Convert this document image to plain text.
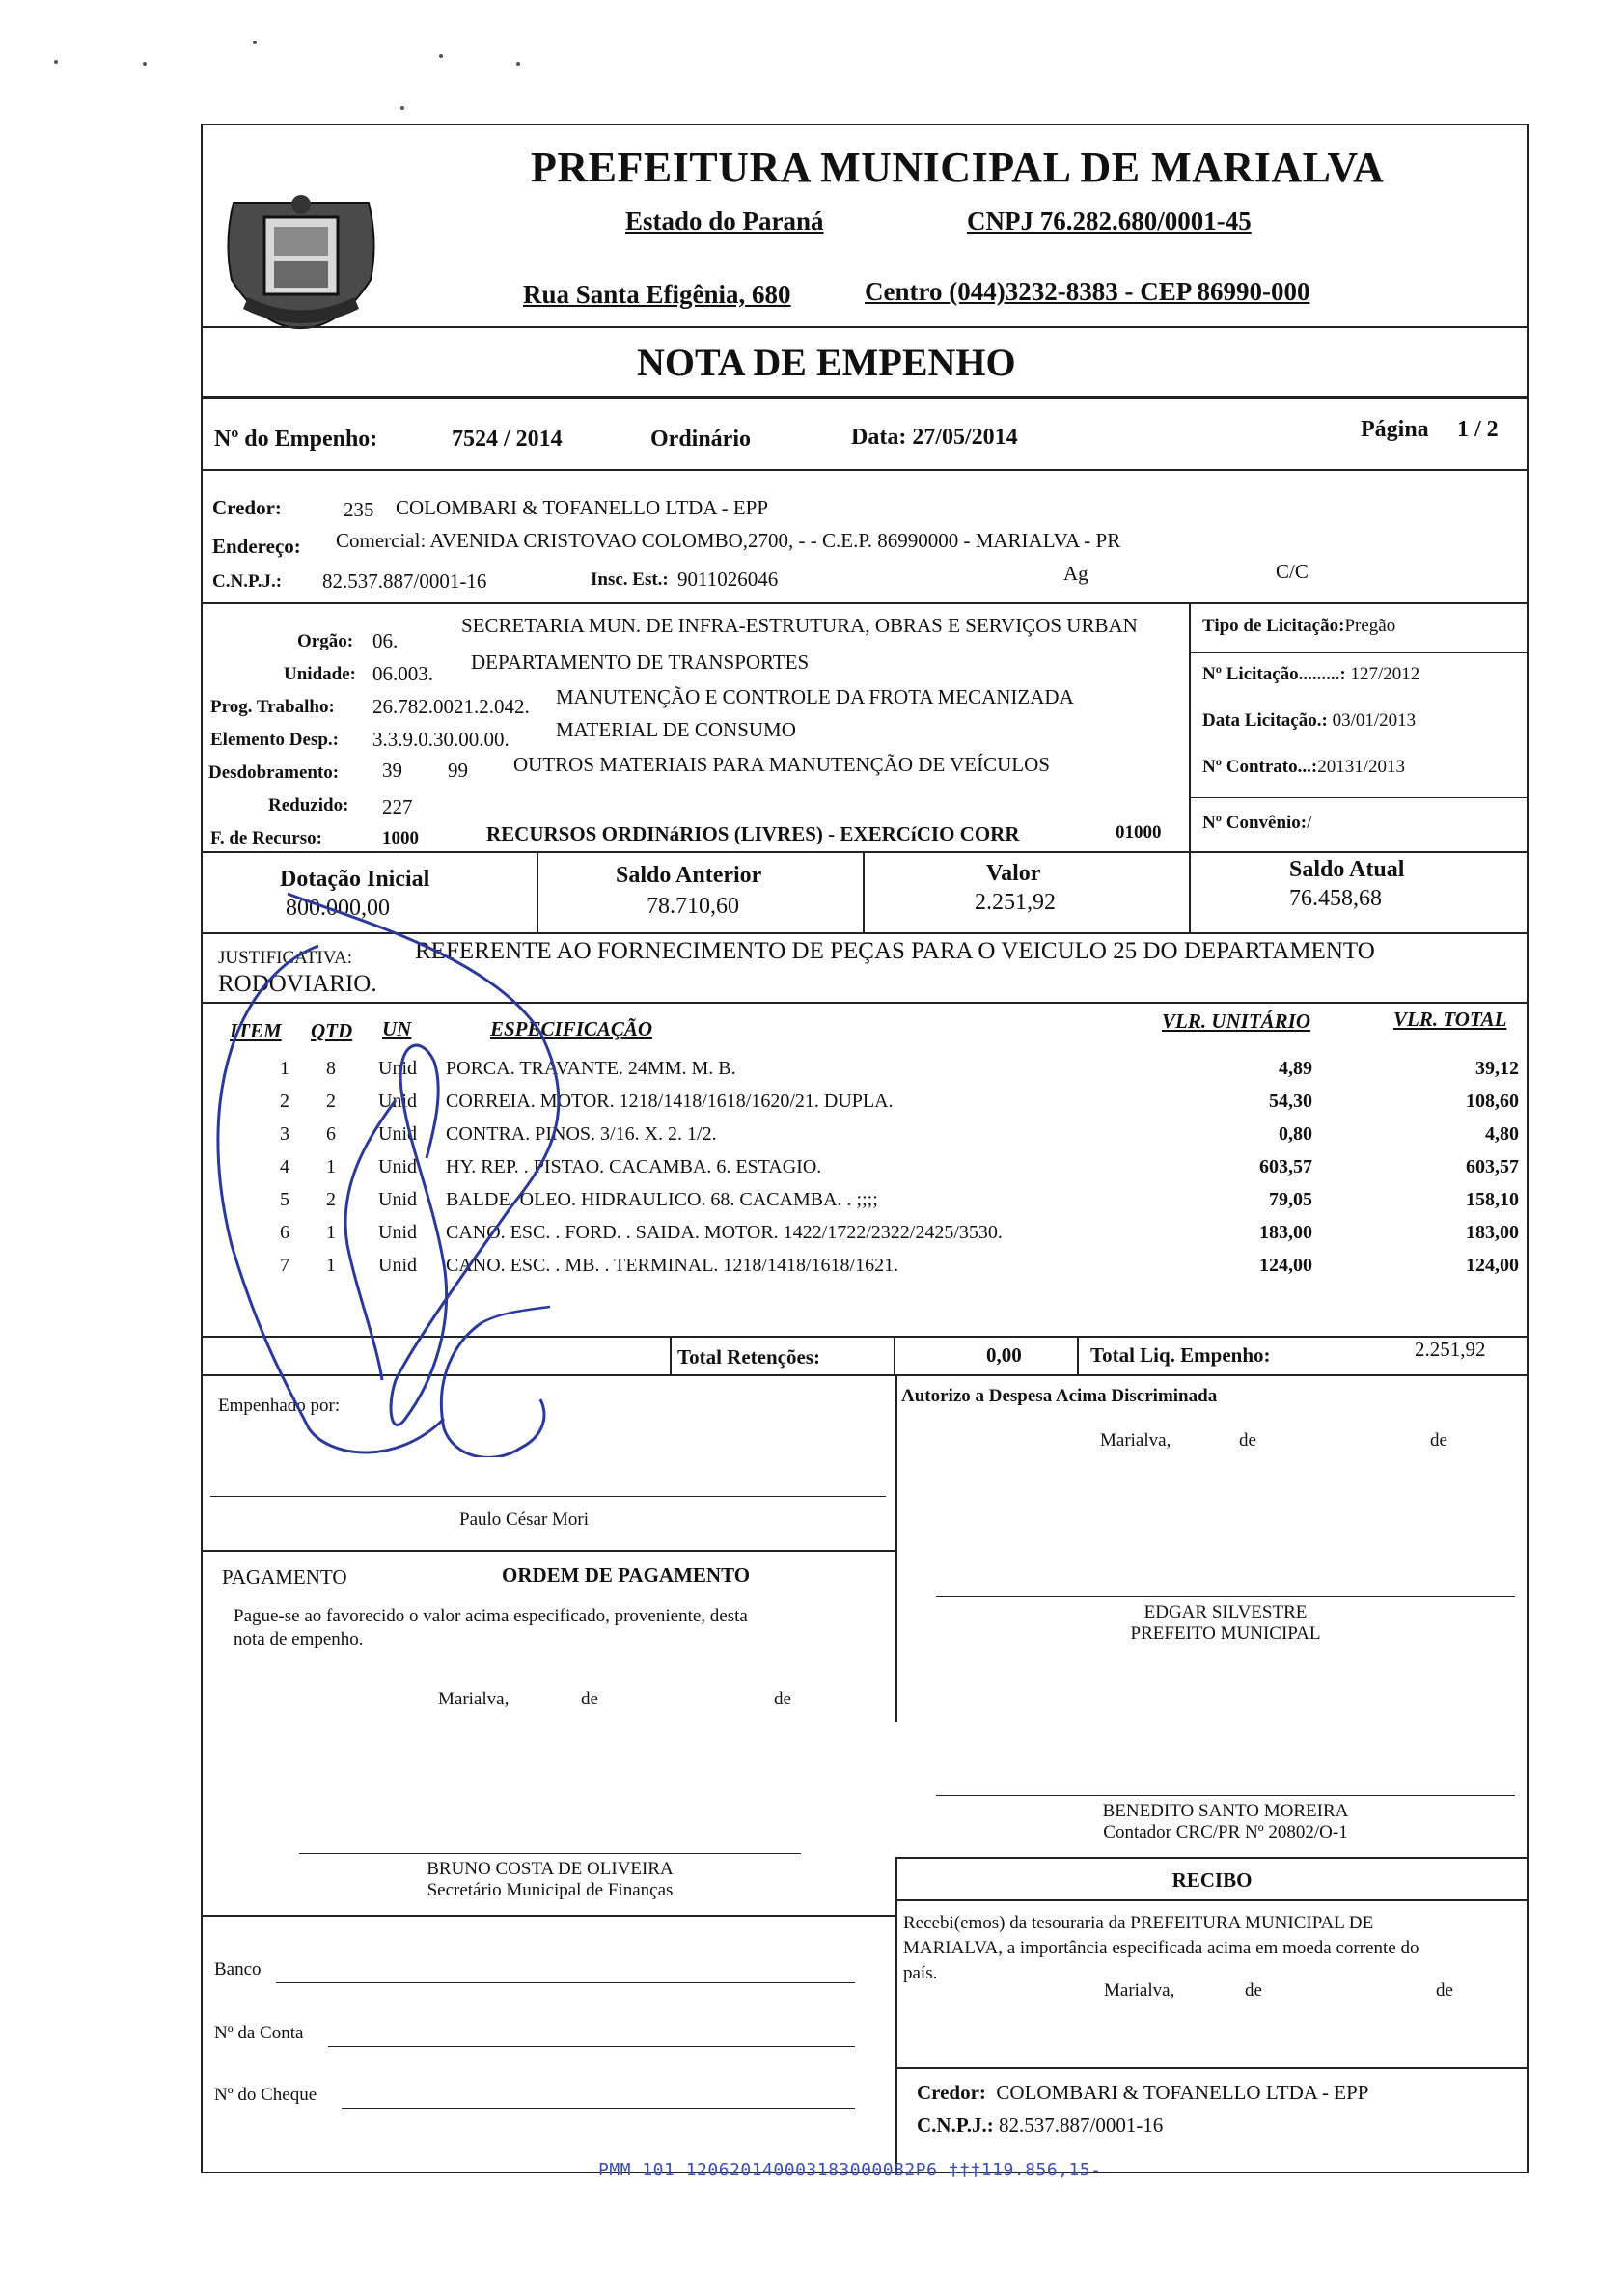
PREFEITURA MUNICIPAL DE MARIALVA
Estado do Paraná	CNPJ 76.282.680/0001-45
Rua Santa Efigênia, 680	Centro (044)3232-8383 - CEP 86990-000
NOTA DE EMPENHO
Nº do Empenho:	7524 / 2014	Ordinário	Data: 27/05/2014	Página 1 / 2
Credor:	235 COLOMBARI & TOFANELLO LTDA - EPP
Endereço: Comercial: AVENIDA CRISTOVAO COLOMBO,2700, - - C.E.P. 86990000 - MARIALVA - PR
C.N.P.J.: 82.537.887/0001-16	Insc. Est.: 9011026046	Ag	C/C
Orgão: 06.
SECRETARIA MUN. DE INFRA-ESTRUTURA, OBRAS E SERVIÇOS URBAN
Unidade: 06.003. DEPARTAMENTO DE TRANSPORTES
Prog. Trabalho: 26.782.0021.2.042. MANUTENÇÃO E CONTROLE DA FROTA MECANIZADA
Elemento Desp.: 3.3.9.0.30.00.00. MATERIAL DE CONSUMO
Desdobramento: 39 99 OUTROS MATERIAIS PARA MANUTENÇÃO DE VEÍCULOS
Reduzido: 227
F. de Recurso:	1000	RECURSOS ORDINáRIOS (LIVRES) - EXERCíCIO CORR	01000
Tipo de Licitação:Pregão
Nº Licitação.........: 127/2012
Data Licitação.: 03/01/2013
Nº Contrato...:20131/2013
Nº Convênio:/
Dotação Inicial
800.000,00
Saldo Anterior
78.710,60
Valor
2.251,92
Saldo Atual
76.458,68
JUSTIFICATIVA:	REFERENTE AO FORNECIMENTO DE PEÇAS PARA O VEICULO 25 DO DEPARTAMENTO
RODOVIARIO.
ITEM QTD UN	ESPECIFICAÇÃO	VLR. UNITÁRIO	VLR. TOTAL
1	8	Unid	PORCA. TRAVANTE. 24MM. M. B.	4,89	39,12
2	2	Unid	CORREIA. MOTOR. 1218/1418/1618/1620/21. DUPLA.	54,30	108,60
3	6	Unid	CONTRA. PINOS. 3/16. X. 2. 1/2.	0,80	4,80
4	1	Unid	HY. REP. . PISTAO. CACAMBA. 6. ESTAGIO.	603,57	603,57
5	2	Unid	BALDE. OLEO. HIDRAULICO. 68. CACAMBA. . ;;;;	79,05	158,10
6	1	Unid	CANO. ESC. . FORD. . SAIDA. MOTOR. 1422/1722/2322/2425/3530.	183,00	183,00
7	1	Unid	CANO. ESC. . MB. . TERMINAL. 1218/1418/1618/1621.	124,00	124,00
Total Retenções:	0,00	Total Liq. Empenho:	2.251,92
Empenhado por:
Paulo César Mori
Autorizo a Despesa Acima Discriminada
Marialva,	de	de
PAGAMENTO	ORDEM DE PAGAMENTO
Pague-se ao favorecido o valor acima especificado, proveniente, desta
nota de empenho.
Marialva,	de	de
EDGAR SILVESTRE
PREFEITO MUNICIPAL
BENEDITO SANTO MOREIRA
Contador CRC/PR Nº 20802/O-1
BRUNO COSTA DE OLIVEIRA
Secretário Municipal de Finanças	RECIBO
Recebi(emos) da tesouraria da PREFEITURA MUNICIPAL DE
MARIALVA, a importância especificada acima em moeda corrente do
país.
Marialva,	de	de
Banco
Nº da Conta
Nº do Cheque	Credor: COLOMBARI & TOFANELLO LTDA - EPP
C.N.P.J.: 82.537.887/0001-16
PMM 101 120620140003183000082P6 ‡‡‡119.856,15-
